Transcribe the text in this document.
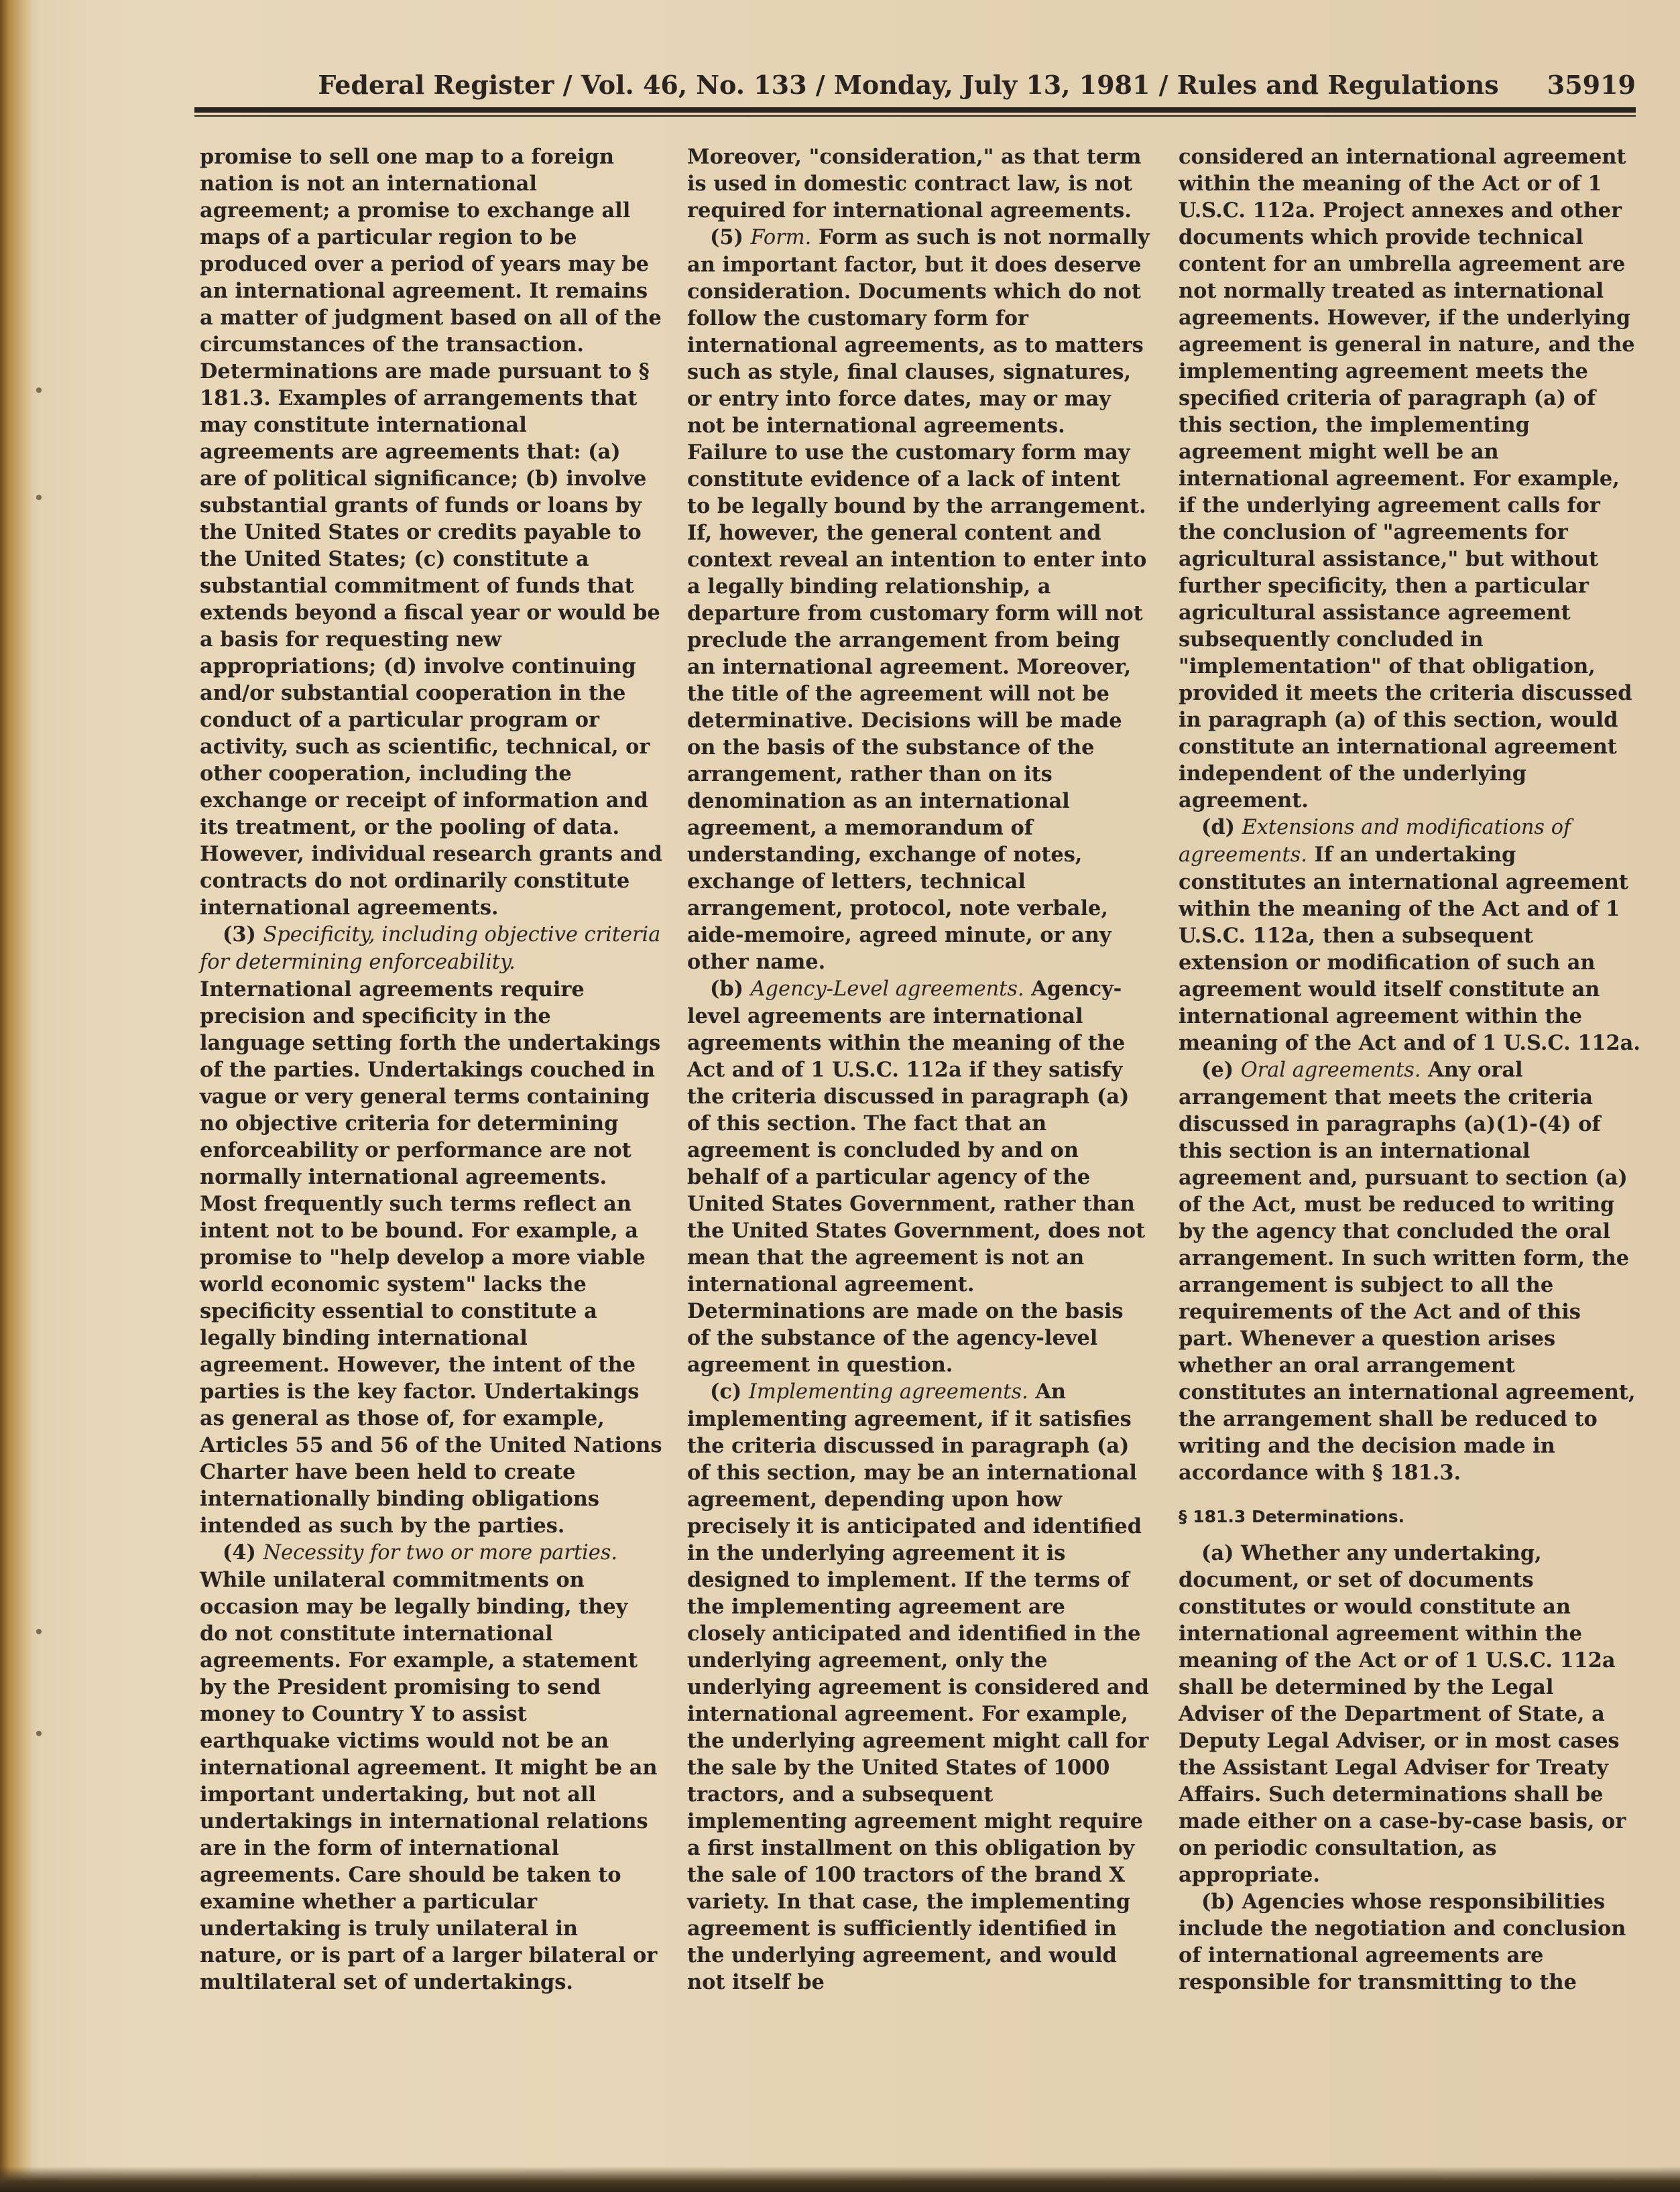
Federal Register / Vol. 46, No. 133 / Monday, July 13, 1981 / Rules and Regulations	35919

promise to sell one map to a foreign nation is not an international agreement; a promise to exchange all maps of a particular region to be produced over a period of years may be an international agreement. It remains a matter of judgment based on all of the circumstances of the transaction. Determinations are made pursuant to § 181.3. Examples of arrangements that may constitute international agreements are agreements that: (a) are of political significance; (b) involve substantial grants of funds or loans by the United States or credits payable to the United States; (c) constitute a substantial commitment of funds that extends beyond a fiscal year or would be a basis for requesting new appropriations; (d) involve continuing and/or substantial cooperation in the conduct of a particular program or activity, such as scientific, technical, or other cooperation, including the exchange or receipt of information and its treatment, or the pooling of data. However, individual research grants and contracts do not ordinarily constitute international agreements.

(3) Specificity, including objective criteria for determining enforceability. International agreements require precision and specificity in the language setting forth the undertakings of the parties. Undertakings couched in vague or very general terms containing no objective criteria for determining enforceability or performance are not normally international agreements. Most frequently such terms reflect an intent not to be bound. For example, a promise to "help develop a more viable world economic system" lacks the specificity essential to constitute a legally binding international agreement. However, the intent of the parties is the key factor. Undertakings as general as those of, for example, Articles 55 and 56 of the United Nations Charter have been held to create internationally binding obligations intended as such by the parties.

(4) Necessity for two or more parties. While unilateral commitments on occasion may be legally binding, they do not constitute international agreements. For example, a statement by the President promising to send money to Country Y to assist earthquake victims would not be an international agreement. It might be an important undertaking, but not all undertakings in international relations are in the form of international agreements. Care should be taken to examine whether a particular undertaking is truly unilateral in nature, or is part of a larger bilateral or multilateral set of undertakings.

Moreover, "consideration," as that term is used in domestic contract law, is not required for international agreements.

(5) Form. Form as such is not normally an important factor, but it does deserve consideration. Documents which do not follow the customary form for international agreements, as to matters such as style, final clauses, signatures, or entry into force dates, may or may not be international agreements. Failure to use the customary form may constitute evidence of a lack of intent to be legally bound by the arrangement. If, however, the general content and context reveal an intention to enter into a legally binding relationship, a departure from customary form will not preclude the arrangement from being an international agreement. Moreover, the title of the agreement will not be determinative. Decisions will be made on the basis of the substance of the arrangement, rather than on its denomination as an international agreement, a memorandum of understanding, exchange of notes, exchange of letters, technical arrangement, protocol, note verbale, aide-memoire, agreed minute, or any other name.

(b) Agency-Level agreements. Agency-level agreements are international agreements within the meaning of the Act and of 1 U.S.C. 112a if they satisfy the criteria discussed in paragraph (a) of this section. The fact that an agreement is concluded by and on behalf of a particular agency of the United States Government, rather than the United States Government, does not mean that the agreement is not an international agreement. Determinations are made on the basis of the substance of the agency-level agreement in question.

(c) Implementing agreements. An implementing agreement, if it satisfies the criteria discussed in paragraph (a) of this section, may be an international agreement, depending upon how precisely it is anticipated and identified in the underlying agreement it is designed to implement. If the terms of the implementing agreement are closely anticipated and identified in the underlying agreement, only the underlying agreement is considered and international agreement. For example, the underlying agreement might call for the sale by the United States of 1000 tractors, and a subsequent implementing agreement might require a first installment on this obligation by the sale of 100 tractors of the brand X variety. In that case, the implementing agreement is sufficiently identified in the underlying agreement, and would not itself be

considered an international agreement within the meaning of the Act or of 1 U.S.C. 112a. Project annexes and other documents which provide technical content for an umbrella agreement are not normally treated as international agreements. However, if the underlying agreement is general in nature, and the implementing agreement meets the specified criteria of paragraph (a) of this section, the implementing agreement might well be an international agreement. For example, if the underlying agreement calls for the conclusion of "agreements for agricultural assistance," but without further specificity, then a particular agricultural assistance agreement subsequently concluded in "implementation" of that obligation, provided it meets the criteria discussed in paragraph (a) of this section, would constitute an international agreement independent of the underlying agreement.

(d) Extensions and modifications of agreements. If an undertaking constitutes an international agreement within the meaning of the Act and of 1 U.S.C. 112a, then a subsequent extension or modification of such an agreement would itself constitute an international agreement within the meaning of the Act and of 1 U.S.C. 112a.

(e) Oral agreements. Any oral arrangement that meets the criteria discussed in paragraphs (a)(1)-(4) of this section is an international agreement and, pursuant to section (a) of the Act, must be reduced to writing by the agency that concluded the oral arrangement. In such written form, the arrangement is subject to all the requirements of the Act and of this part. Whenever a question arises whether an oral arrangement constitutes an international agreement, the arrangement shall be reduced to writing and the decision made in accordance with § 181.3.

§ 181.3 Determinations.

(a) Whether any undertaking, document, or set of documents constitutes or would constitute an international agreement within the meaning of the Act or of 1 U.S.C. 112a shall be determined by the Legal Adviser of the Department of State, a Deputy Legal Adviser, or in most cases the Assistant Legal Adviser for Treaty Affairs. Such determinations shall be made either on a case-by-case basis, or on periodic consultation, as appropriate.

(b) Agencies whose responsibilities include the negotiation and conclusion of international agreements are responsible for transmitting to the
